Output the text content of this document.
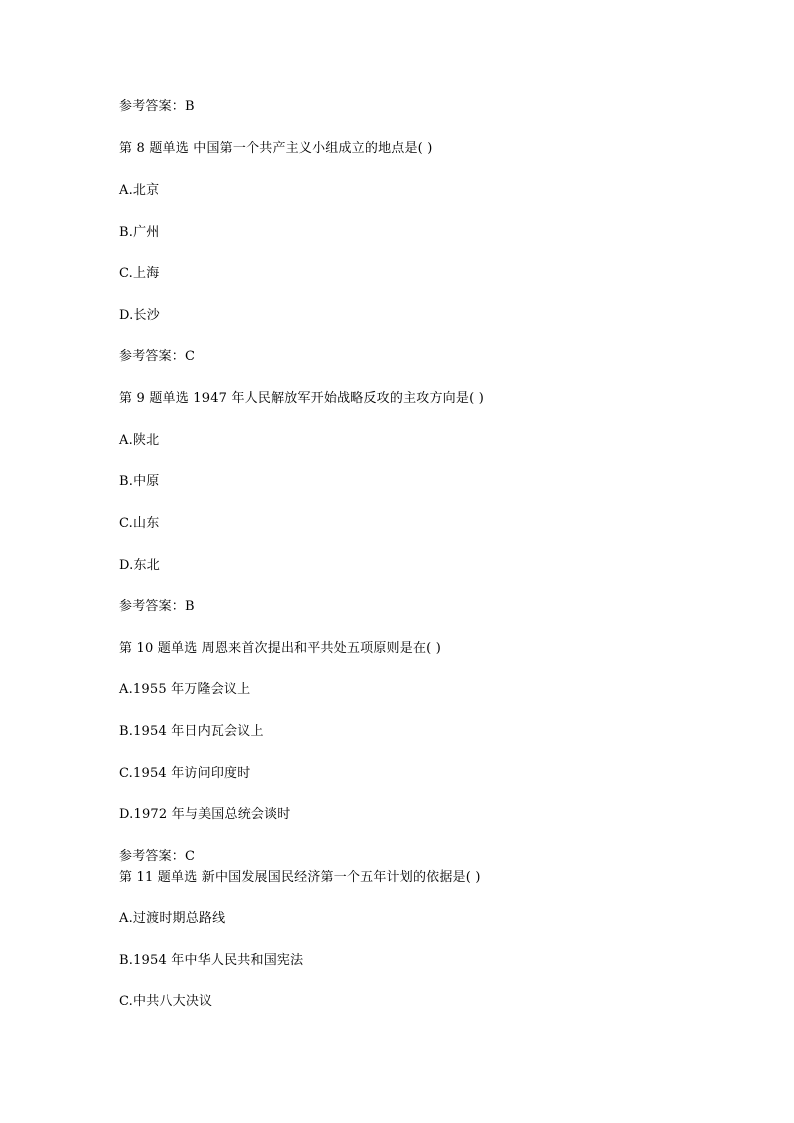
参考答案：B
第 8 题单选 中国第一个共产主义小组成立的地点是( )
A.北京
B.广州
C.上海
D.长沙
参考答案：C
第 9 题单选 1947 年人民解放军开始战略反攻的主攻方向是( )
A.陕北
B.中原
C.山东
D.东北
参考答案：B
第 10 题单选 周恩来首次提出和平共处五项原则是在( )
A.1955 年万隆会议上
B.1954 年日内瓦会议上
C.1954 年访问印度时
D.1972 年与美国总统会谈时
参考答案：C
第 11 题单选 新中国发展国民经济第一个五年计划的依据是( )
A.过渡时期总路线
B.1954 年中华人民共和国宪法
C.中共八大决议
